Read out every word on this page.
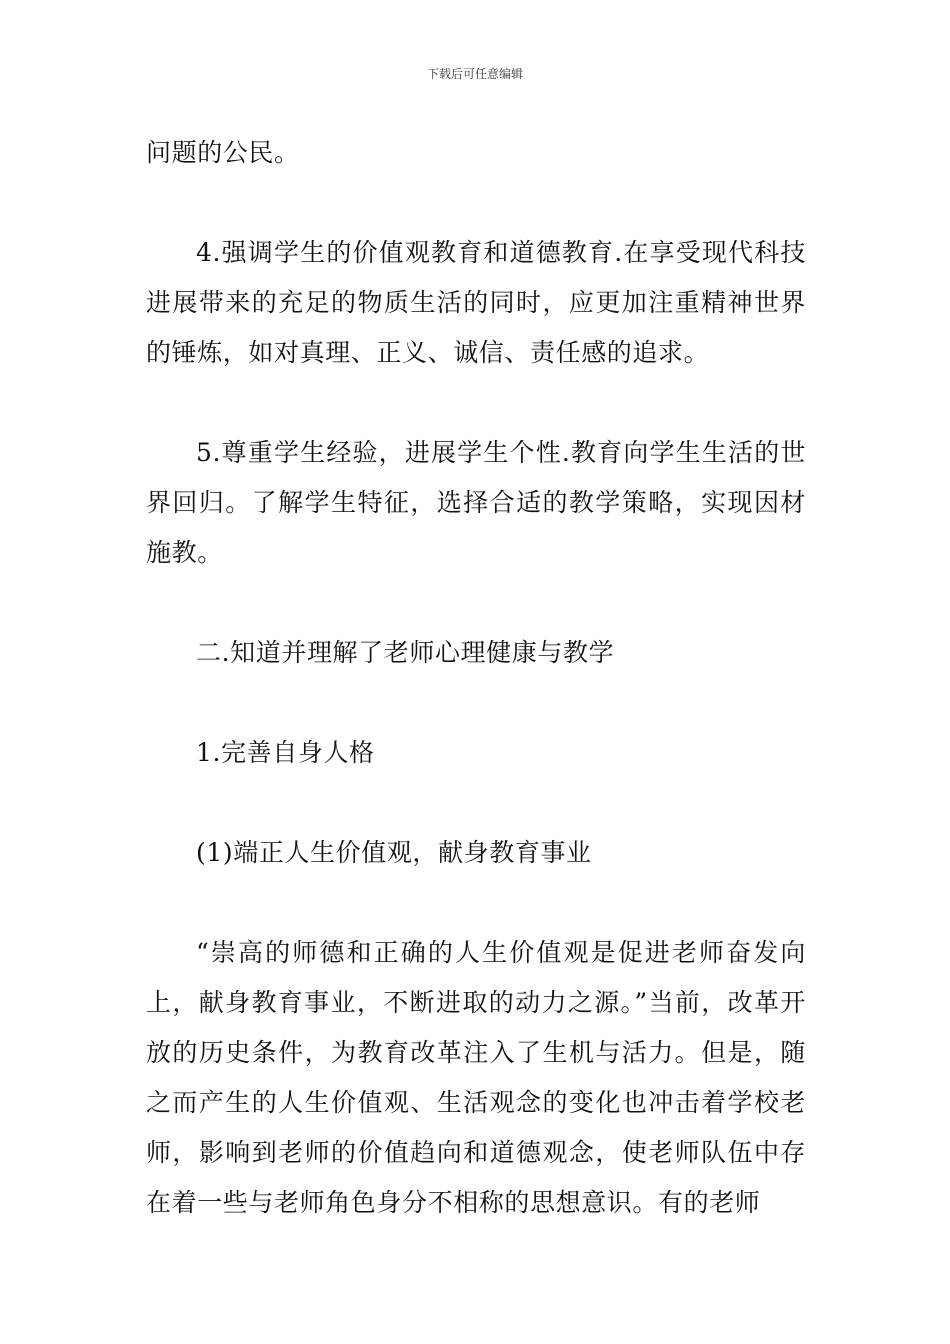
下载后可任意编辑

问题的公民。

4.强调学生的价值观教育和道德教育.在享受现代科技进展带来的充足的物质生活的同时，应更加注重精神世界的锤炼，如对真理、正义、诚信、责任感的追求。

5.尊重学生经验，进展学生个性.教育向学生生活的世界回归。了解学生特征，选择合适的教学策略，实现因材施教。

二.知道并理解了老师心理健康与教学

1.完善自身人格

(1)端正人生价值观，献身教育事业

“崇高的师德和正确的人生价值观是促进老师奋发向上，献身教育事业，不断进取的动力之源。”当前，改革开放的历史条件，为教育改革注入了生机与活力。但是，随之而产生的人生价值观、生活观念的变化也冲击着学校老师，影响到老师的价值趋向和道德观念，使老师队伍中存在着一些与老师角色身分不相称的思想意识。有的老师
